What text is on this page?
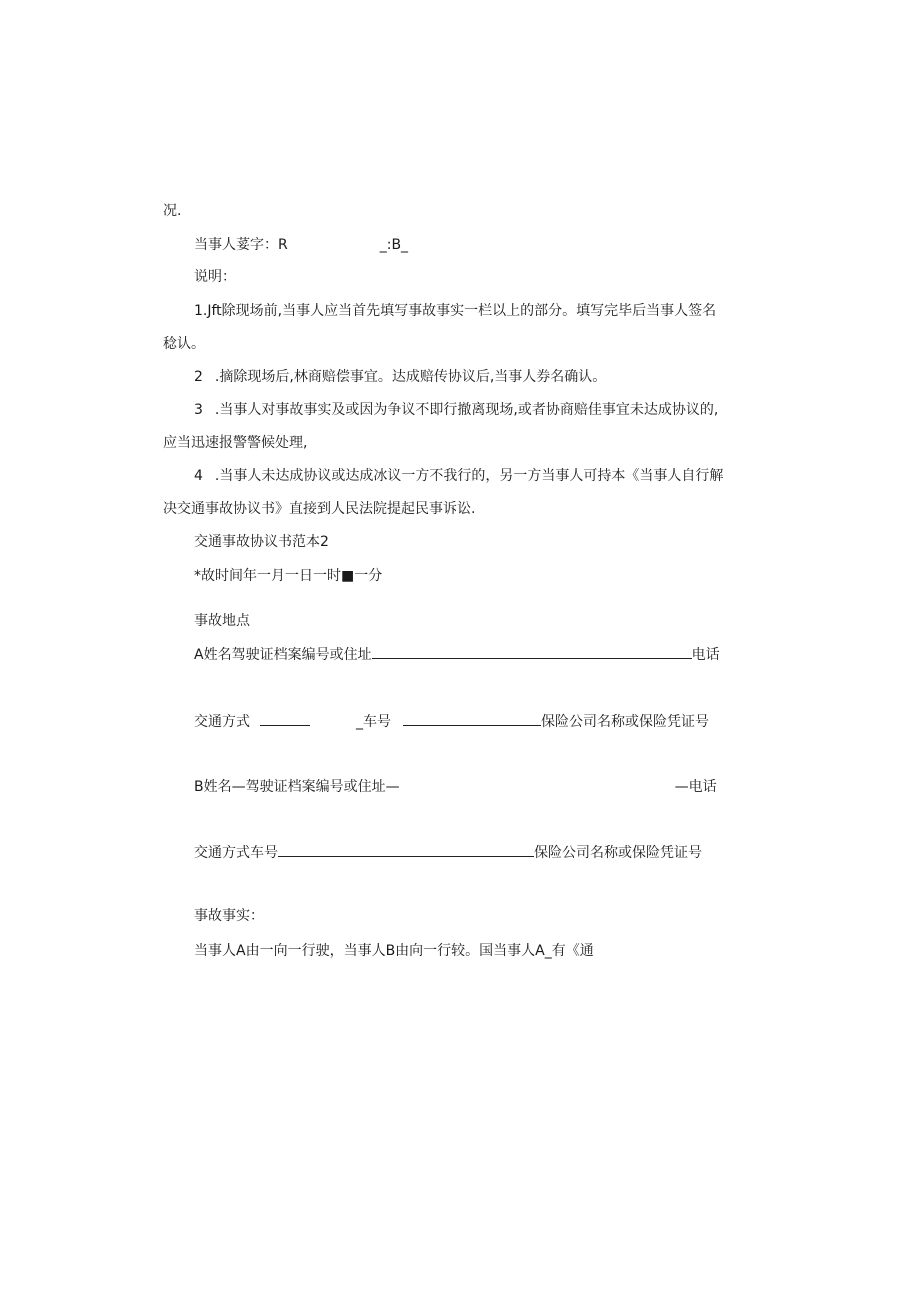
况.
当事人荽字：R	_:B_
说明：
1.Jft除现场前,当事人应当首先填写事故事实一栏以上的部分。填写完毕后当事人签名
稔认。
2 .摘除现场后,林商赔偿事宜。达成赔传协议后,当事人券名确认。
3 .当事人对事故事实及或因为争议不即行撤离现场,或者协商赔佳事宜未达成协议的,
应当迅速报警警候处理,
4 .当事人未达成协议或达成冰议一方不我行的，另一方当事人可持本《当事人自行解
决交通事故协议书》直接到人民法院提起民事诉讼.
交通事故协议书范本2
*故时间年一月一日一时■一分
事故地点
A姓名驾驶证档案编号或住址	电话
交通方式	_车号	保险公司名称或保险凭证号
B姓名—驾驶证档案编号或住址—	—电话
交通方式车号	保险公司名称或保险凭证号
事故事实：
当事人A由一向一行驶，当事人B由向一行较。国当事人A_有《通
